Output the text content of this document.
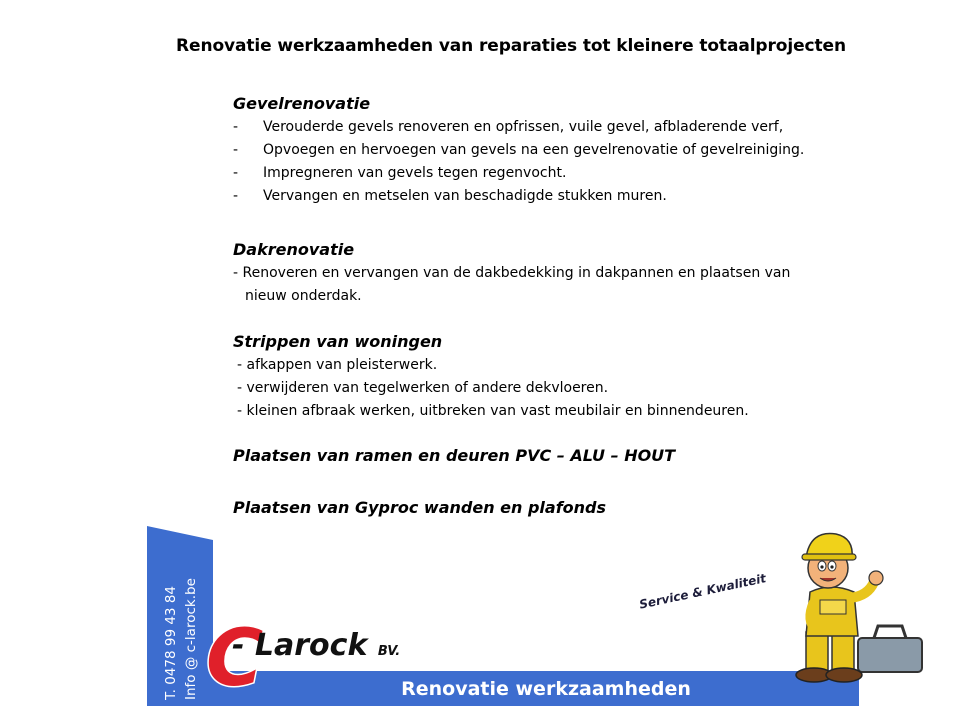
Renovatie werkzaamheden van reparaties tot kleinere totaalprojecten
Gevelrenovatie
- Verouderde gevels renoveren en opfrissen, vuile gevel, afbladerende verf,
- Opvoegen en hervoegen van gevels na een gevelrenovatie of gevelreiniging.
- Impregneren van gevels tegen regenvocht.
- Vervangen en metselen van beschadigde stukken muren.
Dakrenovatie
- Renoveren en vervangen van de dakbedekking in dakpannen en plaatsen van
nieuw onderdak.
Strippen van woningen
- afkappen van pleisterwerk.
- verwijderen van tegelwerken of andere dekvloeren.
- kleinen afbraak werken, uitbreken van vast meubilair en binnendeuren.
Plaatsen van ramen en deuren PVC – ALU – HOUT
Plaatsen van Gyproc wanden en plafonds
C
T. 0478 99 43 84 Info @ c-larock.be - Larock BV.
Renovatie werkzaamheden
Service & Kwaliteit
